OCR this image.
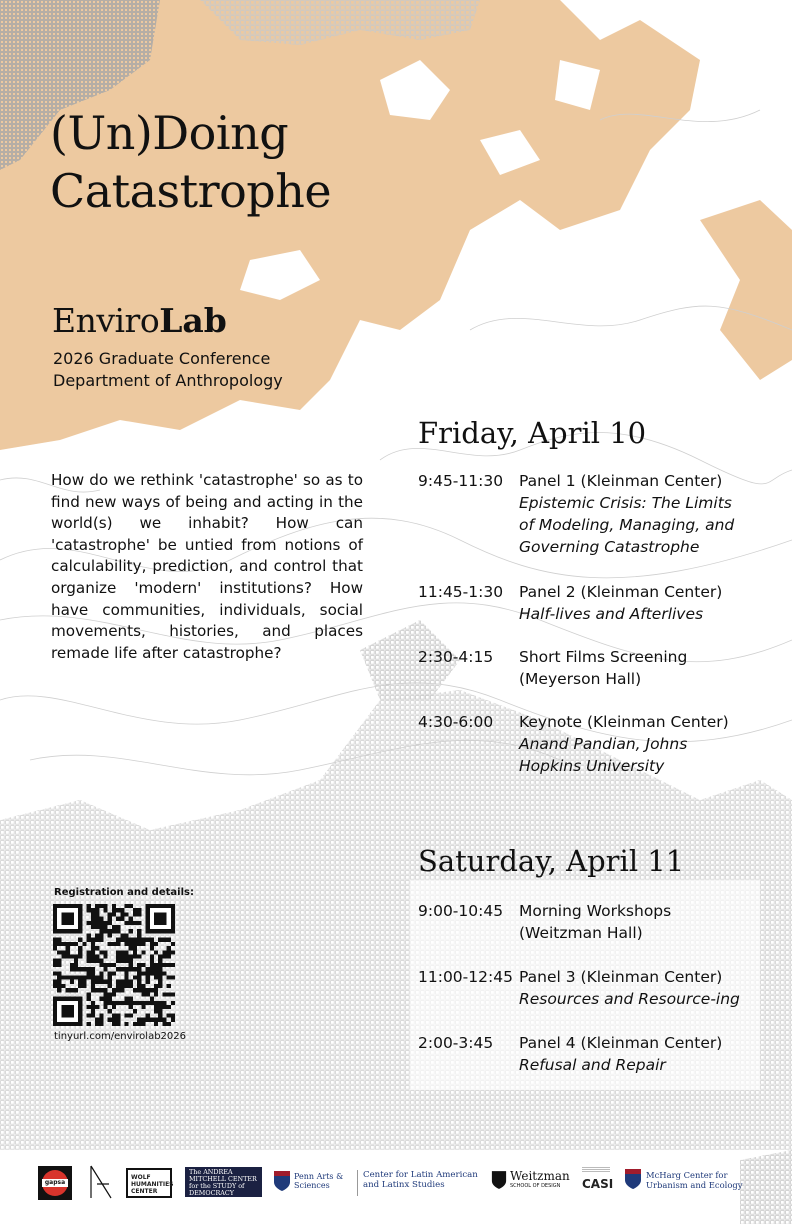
(Un)Doing
Catastrophe
EnviroLab
2026 Graduate Conference
Department of Anthropology
How do we rethink 'catastrophe' so as to find new ways of being and acting in the world(s) we inhabit? How can 'catastrophe' be untied from notions of calculability, prediction, and control that organize 'modern' institutions? How have communities, individuals, social movements, histories, and places remade life after catastrophe?
Friday, April 10
9:45-11:30 Panel 1 (Kleinman Center)
Epistemic Crisis: The Limits
of Modeling, Managing, and
Governing Catastrophe
11:45-1:30 Panel 2 (Kleinman Center)
Half-lives and Afterlives
2:30-4:15 Short Films Screening
(Meyerson Hall)
4:30-6:00 Keynote (Kleinman Center)
Anand Pandian, Johns
Hopkins University
Saturday, April 11
9:00-10:45 Morning Workshops
(Weitzman Hall)
11:00-12:45 Panel 3 (Kleinman Center)
Resources and Resource-ing
2:00-3:45 Panel 4 (Kleinman Center)
Refusal and Repair
Registration and details:
tinyurl.com/envirolab2026
gapsa
WOLF HUMANITIES CENTER
The ANDREA MITCHELL CENTER for the STUDY of DEMOCRACY
Penn Arts & Sciences
Center for Latin American and Latinx Studies
Weitzman
SCHOOL OF DESIGN CASI
McHarg Center for Urbanism and Ecology
